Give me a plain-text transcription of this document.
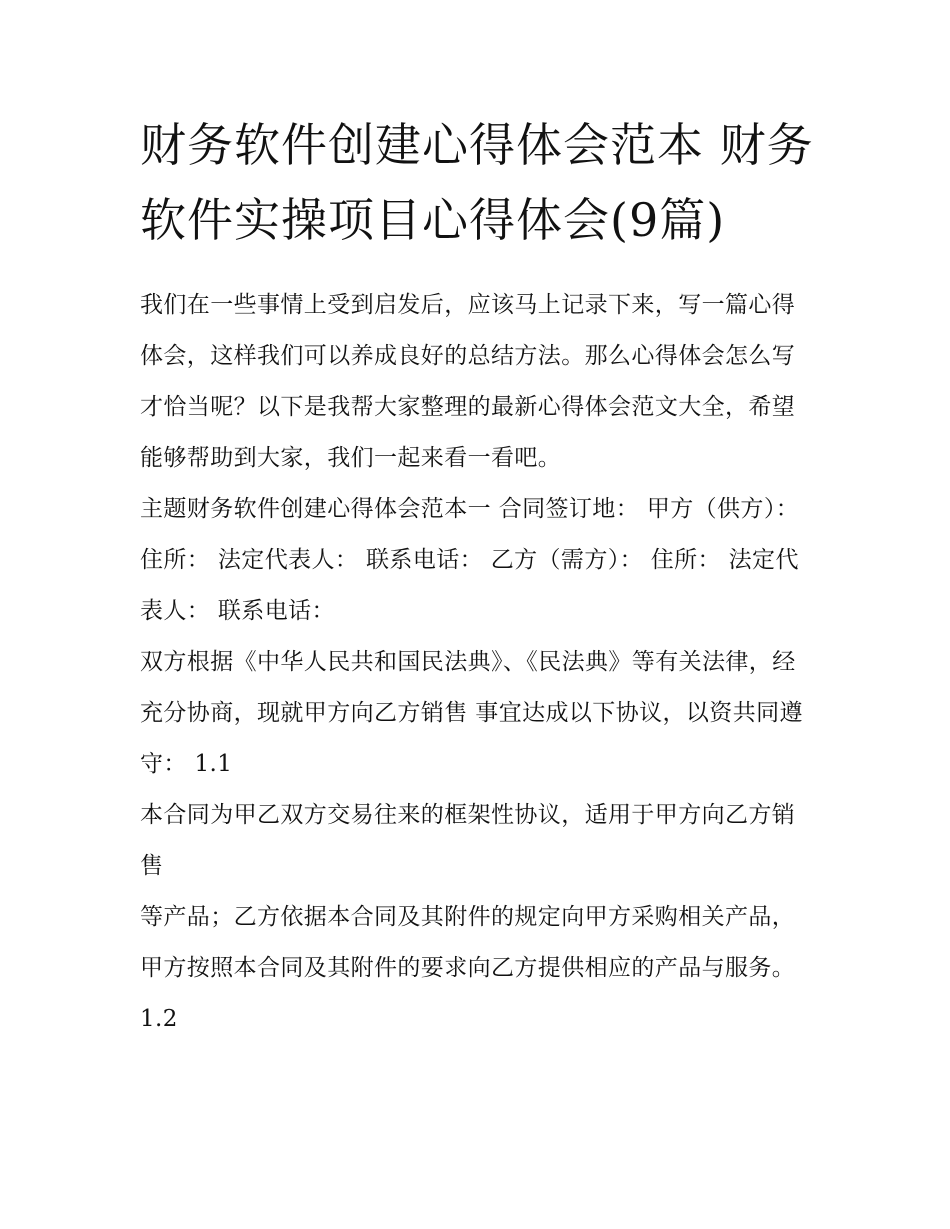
财务软件创建心得体会范本 财务软件实操项目心得体会(9篇)

我们在一些事情上受到启发后，应该马上记录下来，写一篇心得体会，这样我们可以养成良好的总结方法。那么心得体会怎么写才恰当呢？以下是我帮大家整理的最新心得体会范文大全，希望能够帮助到大家，我们一起来看一看吧。

主题财务软件创建心得体会范本一 合同签订地： 甲方（供方）： 住所： 法定代表人： 联系电话： 乙方（需方）： 住所： 法定代表人： 联系电话：

双方根据《中华人民共和国民法典》、《民法典》等有关法律，经充分协商，现就甲方向乙方销售 事宜达成以下协议，以资共同遵守： 1.1

本合同为甲乙双方交易往来的框架性协议，适用于甲方向乙方销售

等产品；乙方依据本合同及其附件的规定向甲方采购相关产品，甲方按照本合同及其附件的要求向乙方提供相应的产品与服务。 1.2
